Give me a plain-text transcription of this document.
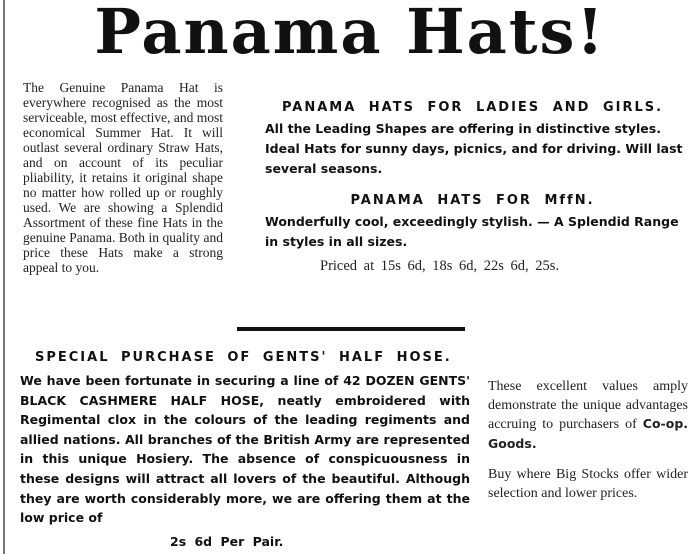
Panama Hats!
The Genuine Panama Hat is everywhere recognised as the most serviceable, most effective, and most economical Summer Hat. It will outlast several ordinary Straw Hats, and on account of its peculiar pliability, it retains it original shape no matter how rolled up or roughly used. We are showing a Splendid Assortment of these fine Hats in the genuine Panama. Both in quality and price these Hats make a strong appeal to you.

PANAMA HATS FOR LADIES AND GIRLS.

All the Leading Shapes are offering in distinctive styles. Ideal Hats for sunny days, picnics, and for driving. Will last several seasons.

PANAMA HATS FOR MffN.

Wonderfully cool, exceedingly stylish. — A Splendid Range in styles in all sizes.

Priced at 15s 6d, 18s 6d, 22s 6d, 25s.

SPECIAL PURCHASE OF GENTS' HALF HOSE.

We have been fortunate in securing a line of 42 DOZEN GENTS' BLACK CASHMERE HALF HOSE, neatly embroidered with Regimental clox in the colours of the leading regiments and allied nations. All branches of the British Army are represented in this unique Hosiery. The absence of conspicuousness in these designs will attract all lovers of the beautiful. Although they are worth considerably more, we are offering them at the low price of

2s 6d Per Pair.

These excellent values amply demonstrate the unique advantages accruing to purchasers of Co-op. Goods.

Buy where Big Stocks offer wider selection and lower prices.
